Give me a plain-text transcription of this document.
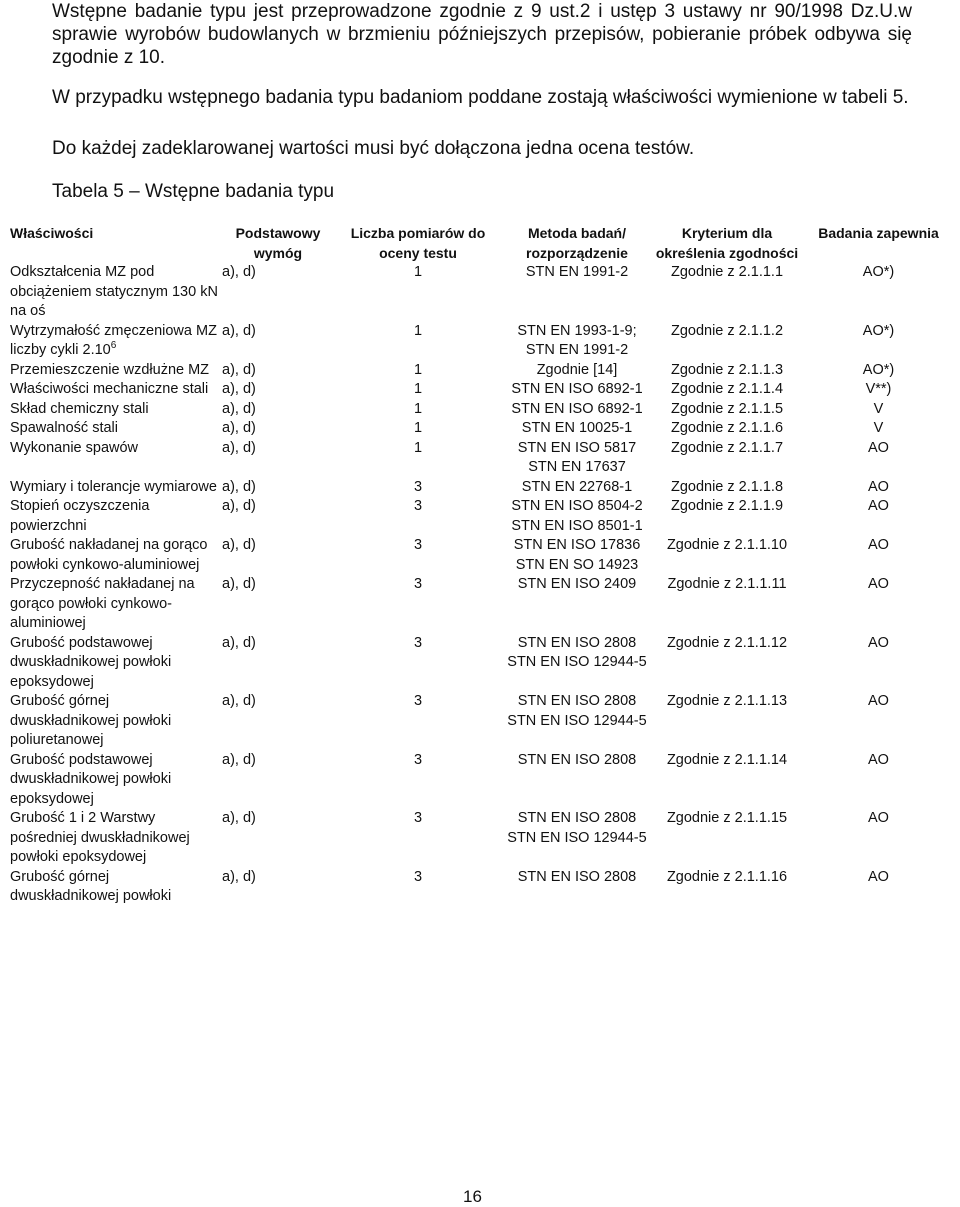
Wstępne badanie typu jest przeprowadzone zgodnie z 9 ust.2 i ustęp 3 ustawy nr 90/1998 Dz.U.w sprawie wyrobów budowlanych w brzmieniu późniejszych przepisów, pobieranie próbek odbywa się zgodnie z 10.

W przypadku wstępnego badania typu badaniom poddane zostają właściwości wymienione w tabeli 5.

Do każdej zadeklarowanej wartości musi być dołączona jedna ocena testów.

Tabela 5 – Wstępne badania typu

Właściwości	Podstawowy wymóg	Liczba pomiarów do oceny testu	Metoda badań/ rozporządzenie	Kryterium dla określenia zgodności	Badania zapewnia
Odkształcenia MZ pod obciążeniem statycznym 130 kN na oś	a), d)	1	STN EN 1991-2	Zgodnie z 2.1.1.1	AO*)
Wytrzymałość zmęczeniowa MZ liczby cykli 2.10$^6$	a), d)	1	STN EN 1993-1-9; STN EN 1991-2	Zgodnie z 2.1.1.2	AO*)
Przemieszczenie wzdłużne MZ	a), d)	1	Zgodnie [14]	Zgodnie z 2.1.1.3	AO*)
Właściwości mechaniczne stali	a), d)	1	STN EN ISO 6892-1	Zgodnie z 2.1.1.4	V**)
Skład chemiczny stali	a), d)	1	STN EN ISO 6892-1	Zgodnie z 2.1.1.5	V
Spawalność stali	a), d)	1	STN EN 10025-1	Zgodnie z 2.1.1.6	V
Wykonanie spawów	a), d)	1	STN EN ISO 5817 STN EN 17637	Zgodnie z 2.1.1.7	AO
Wymiary i tolerancje wymiarowe	a), d)	3	STN EN 22768-1	Zgodnie z 2.1.1.8	AO
Stopień oczyszczenia powierzchni	a), d)	3	STN EN ISO 8504-2 STN EN ISO 8501-1	Zgodnie z 2.1.1.9	AO
Grubość nakładanej na gorąco powłoki cynkowo-aluminiowej	a), d)	3	STN EN ISO 17836 STN EN SO 14923	Zgodnie z 2.1.1.10	AO
Przyczepność nakładanej na gorąco powłoki cynkowo-aluminiowej	a), d)	3	STN EN ISO 2409	Zgodnie z 2.1.1.11	AO
Grubość podstawowej dwuskładnikowej powłoki epoksydowej	a), d)	3	STN EN ISO 2808 STN EN ISO 12944-5	Zgodnie z 2.1.1.12	AO
Grubość górnej dwuskładnikowej powłoki poliuretanowej	a), d)	3	STN EN ISO 2808 STN EN ISO 12944-5	Zgodnie z 2.1.1.13	AO
Grubość podstawowej dwuskładnikowej powłoki epoksydowej	a), d)	3	STN EN ISO 2808	Zgodnie z 2.1.1.14	AO
Grubość 1 i 2 Warstwy pośredniej dwuskładnikowej powłoki epoksydowej	a), d)	3	STN EN ISO 2808 STN EN ISO 12944-5	Zgodnie z 2.1.1.15	AO
Grubość górnej dwuskładnikowej powłoki	a), d)	3	STN EN ISO 2808	Zgodnie z 2.1.1.16	AO
16
